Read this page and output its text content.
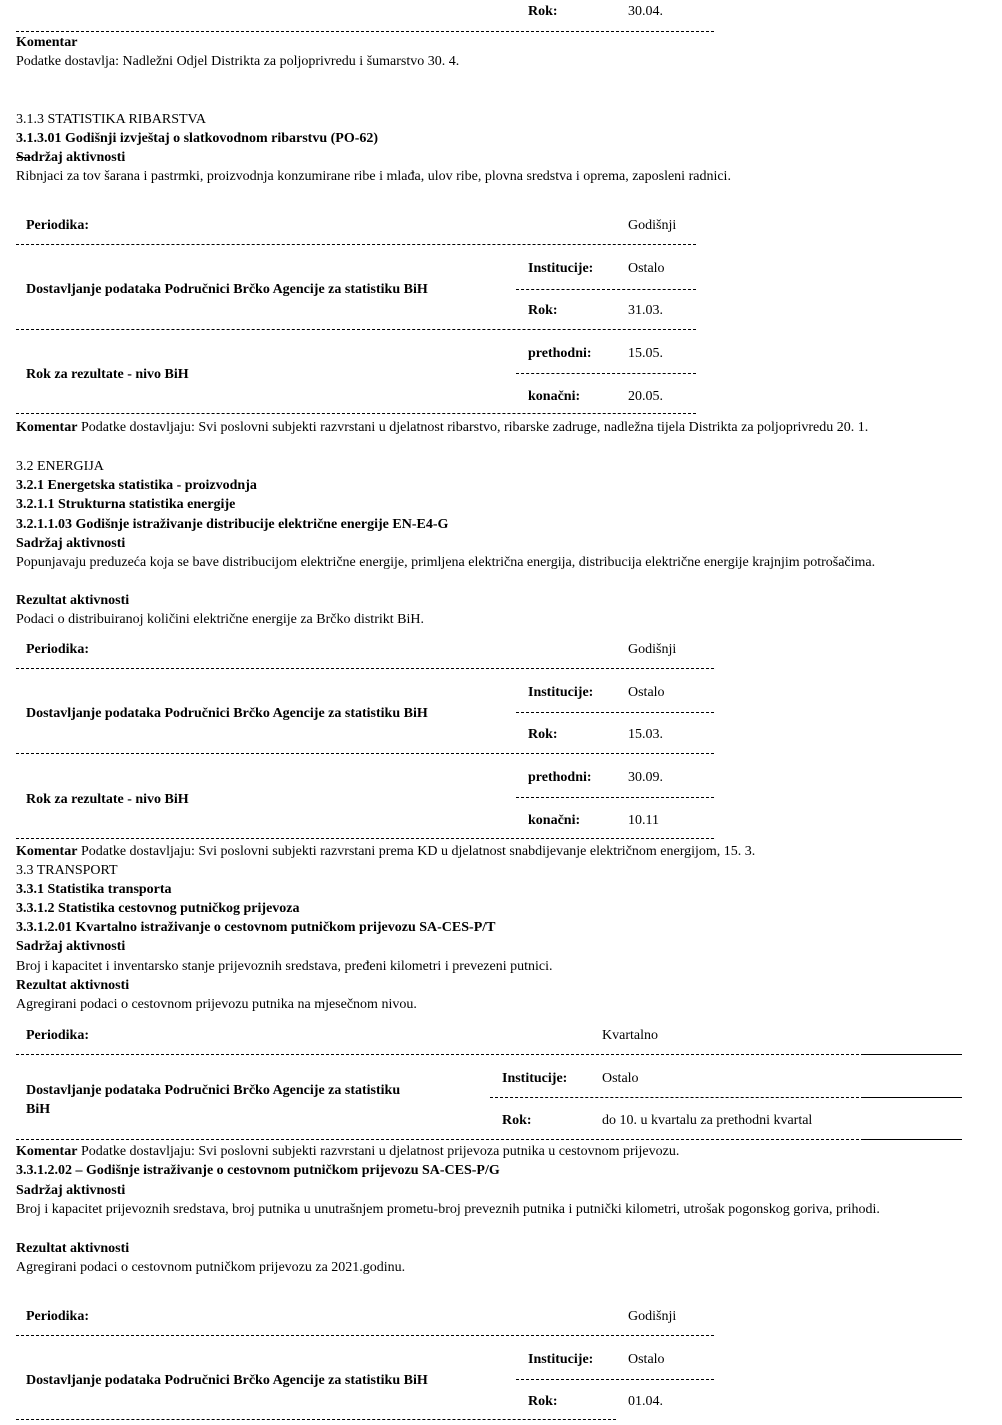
Rok:	30.04.
Komentar
Podatke dostavlja: Nadležni Odjel Distrikta za poljoprivredu i šumarstvo 30. 4.
3.1.3 STATISTIKA RIBARSTVA
3.1.3.01 Godišnji izvještaj o slatkovodnom ribarstvu (PO-62)
Sadržaj aktivnosti
Ribnjaci za tov šarana i pastrmki, proizvodnja konzumirane ribe i mlađa, ulov ribe, plovna sredstva i oprema, zaposleni radnici.
Periodika:	Godišnji
Institucije: Ostalo
Dostavljanje podataka Područnici Brčko Agencije za statistiku BiH
Rok:	31.03.
prethodni:	15.05.
Rok za rezultate - nivo BiH
konačni:	20.05.
Komentar Podatke dostavljaju: Svi poslovni subjekti razvrstani u djelatnost ribarstvo, ribarske zadruge, nadležna tijela Distrikta za poljoprivredu 20. 1.
3.2 ENERGIJA
3.2.1 Energetska statistika - proizvodnja
3.2.1.1 Strukturna statistika energije
3.2.1.1.03 Godišnje istraživanje distribucije električne energije EN-E4-G
Sadržaj aktivnosti
Popunjavaju preduzeća koja se bave distribucijom električne energije, primljena električna energija, distribucija električne energije krajnjim potrošačima.
Rezultat aktivnosti
Podaci o distribuiranoj količini električne energije za Brčko distrikt BiH.
Periodika:	Godišnji
Institucije: Ostalo
Dostavljanje podataka Područnici Brčko Agencije za statistiku BiH
Rok:	15.03.
prethodni:	30.09.
Rok za rezultate - nivo BiH
konačni:	10.11
Komentar Podatke dostavljaju: Svi poslovni subjekti razvrstani prema KD u djelatnost snabdijevanje električnom energijom, 15. 3.
3.3 TRANSPORT
3.3.1 Statistika transporta
3.3.1.2 Statistika cestovnog putničkog prijevoza
3.3.1.2.01 Kvartalno istraživanje o cestovnom putničkom prijevozu SA-CES-P/T
Sadržaj aktivnosti
Broj i kapacitet i inventarsko stanje prijevoznih sredstava, pređeni kilometri i prevezeni putnici.
Rezultat aktivnosti
Agregirani podaci o cestovnom prijevozu putnika na mjesečnom nivou.
Periodika:	Kvartalno
Institucije: Ostalo
Dostavljanje podataka Područnici Brčko Agencije za statistiku
BiH
Rok:	do 10. u kvartalu za prethodni kvartal
Komentar Podatke dostavljaju: Svi poslovni subjekti razvrstani u djelatnost prijevoza putnika u cestovnom prijevozu.
3.3.1.2.02 – Godišnje istraživanje o cestovnom putničkom prijevozu SA-CES-P/G
Sadržaj aktivnosti
Broj i kapacitet prijevoznih sredstava, broj putnika u unutrašnjem prometu-broj preveznih putnika i putnički kilometri, utrošak pogonskog goriva, prihodi.
Rezultat aktivnosti
Agregirani podaci o cestovnom putničkom prijevozu za 2021.godinu.
Periodika:	Godišnji
Institucije: Ostalo
Dostavljanje podataka Područnici Brčko Agencije za statistiku BiH
Rok:	01.04.
